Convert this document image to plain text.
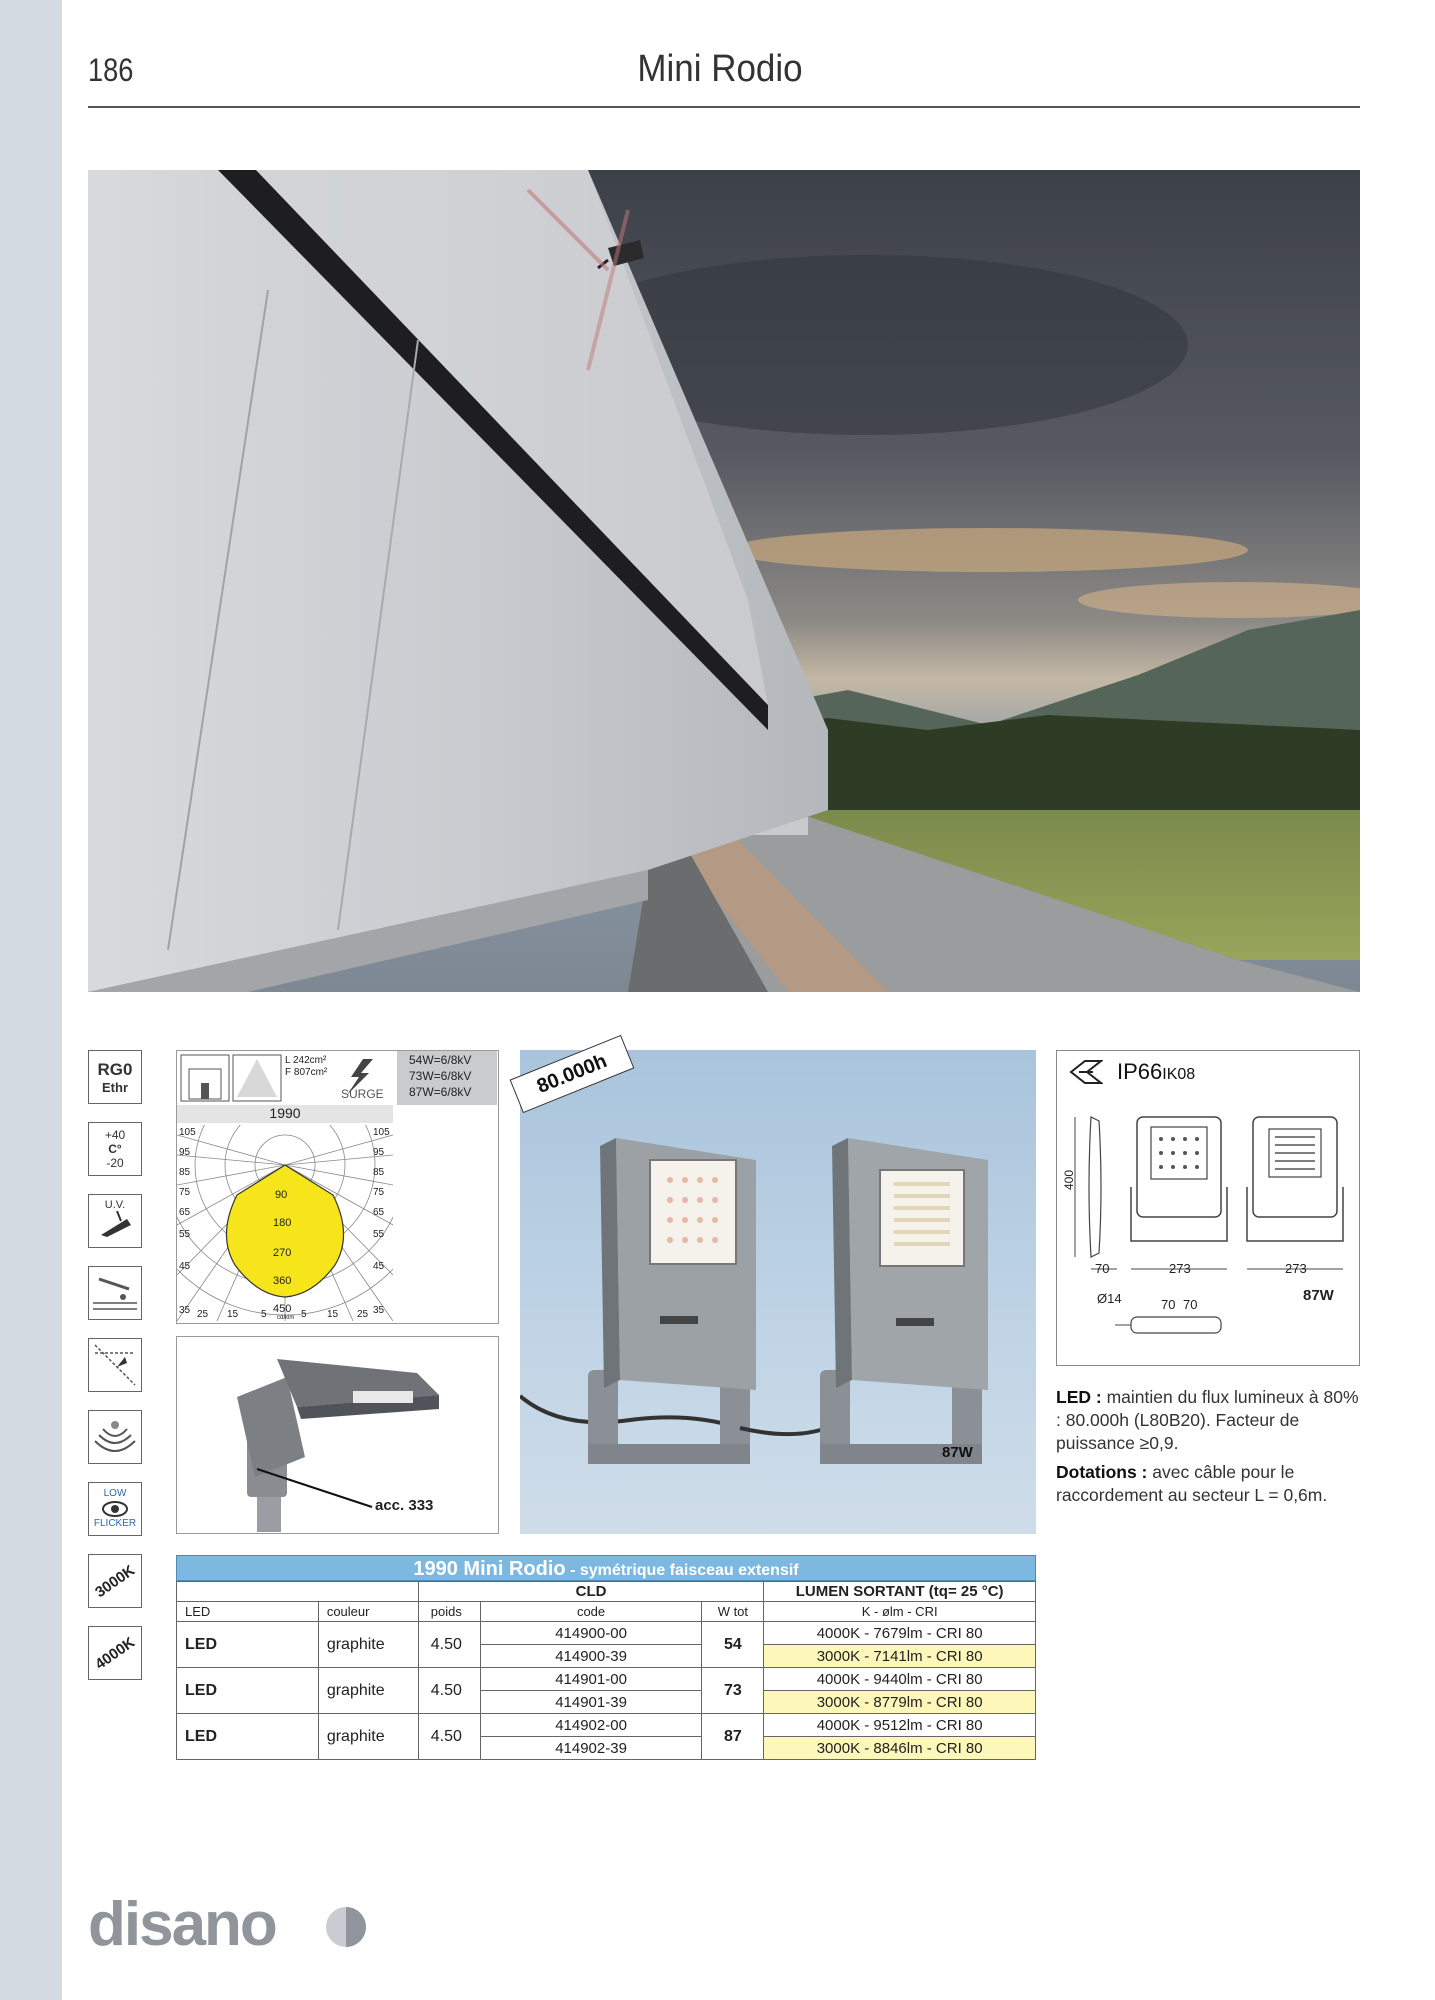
186	Mini Rodio
RG0
Ethr
+40
C°
-20
U.V.
LOW
FLICKER
3000K
4000K
L 242cm²
F 807cm²
SURGE
54W=6/8kV
73W=6/8kV
87W=6/8kV
1990
90
180
270
360
450
105
95
85
75
65
55
45
35
105
95
85
75
65
55
45
35
25 15 5	5 15 25
cd/klm
acc. 333
87W
80.000h	IP66IK08
400
70	273	273
Ø14	70 70
87W

LED : maintien du flux lumineux à 80% : 80.000h (L80B20). Facteur de puissance ≥0,9.

Dotations : avec câble pour le raccordement au secteur L = 0,6m.

1990 Mini Rodio - symétrique faisceau extensif
		CLD			LUMEN SORTANT (tq= 25 °C)
LED	couleur	poids	code	W tot	K - ølm - CRI
LED	graphite	4.50	414900-00	54	4000K - 7679lm - CRI 80
			414900-39		3000K - 7141lm - CRI 80
LED	graphite	4.50	414901-00	73	4000K - 9440lm - CRI 80
			414901-39		3000K - 8779lm - CRI 80
LED	graphite	4.50	414902-00	87	4000K - 9512lm - CRI 80
			414902-39		3000K - 8846lm - CRI 80
disano
